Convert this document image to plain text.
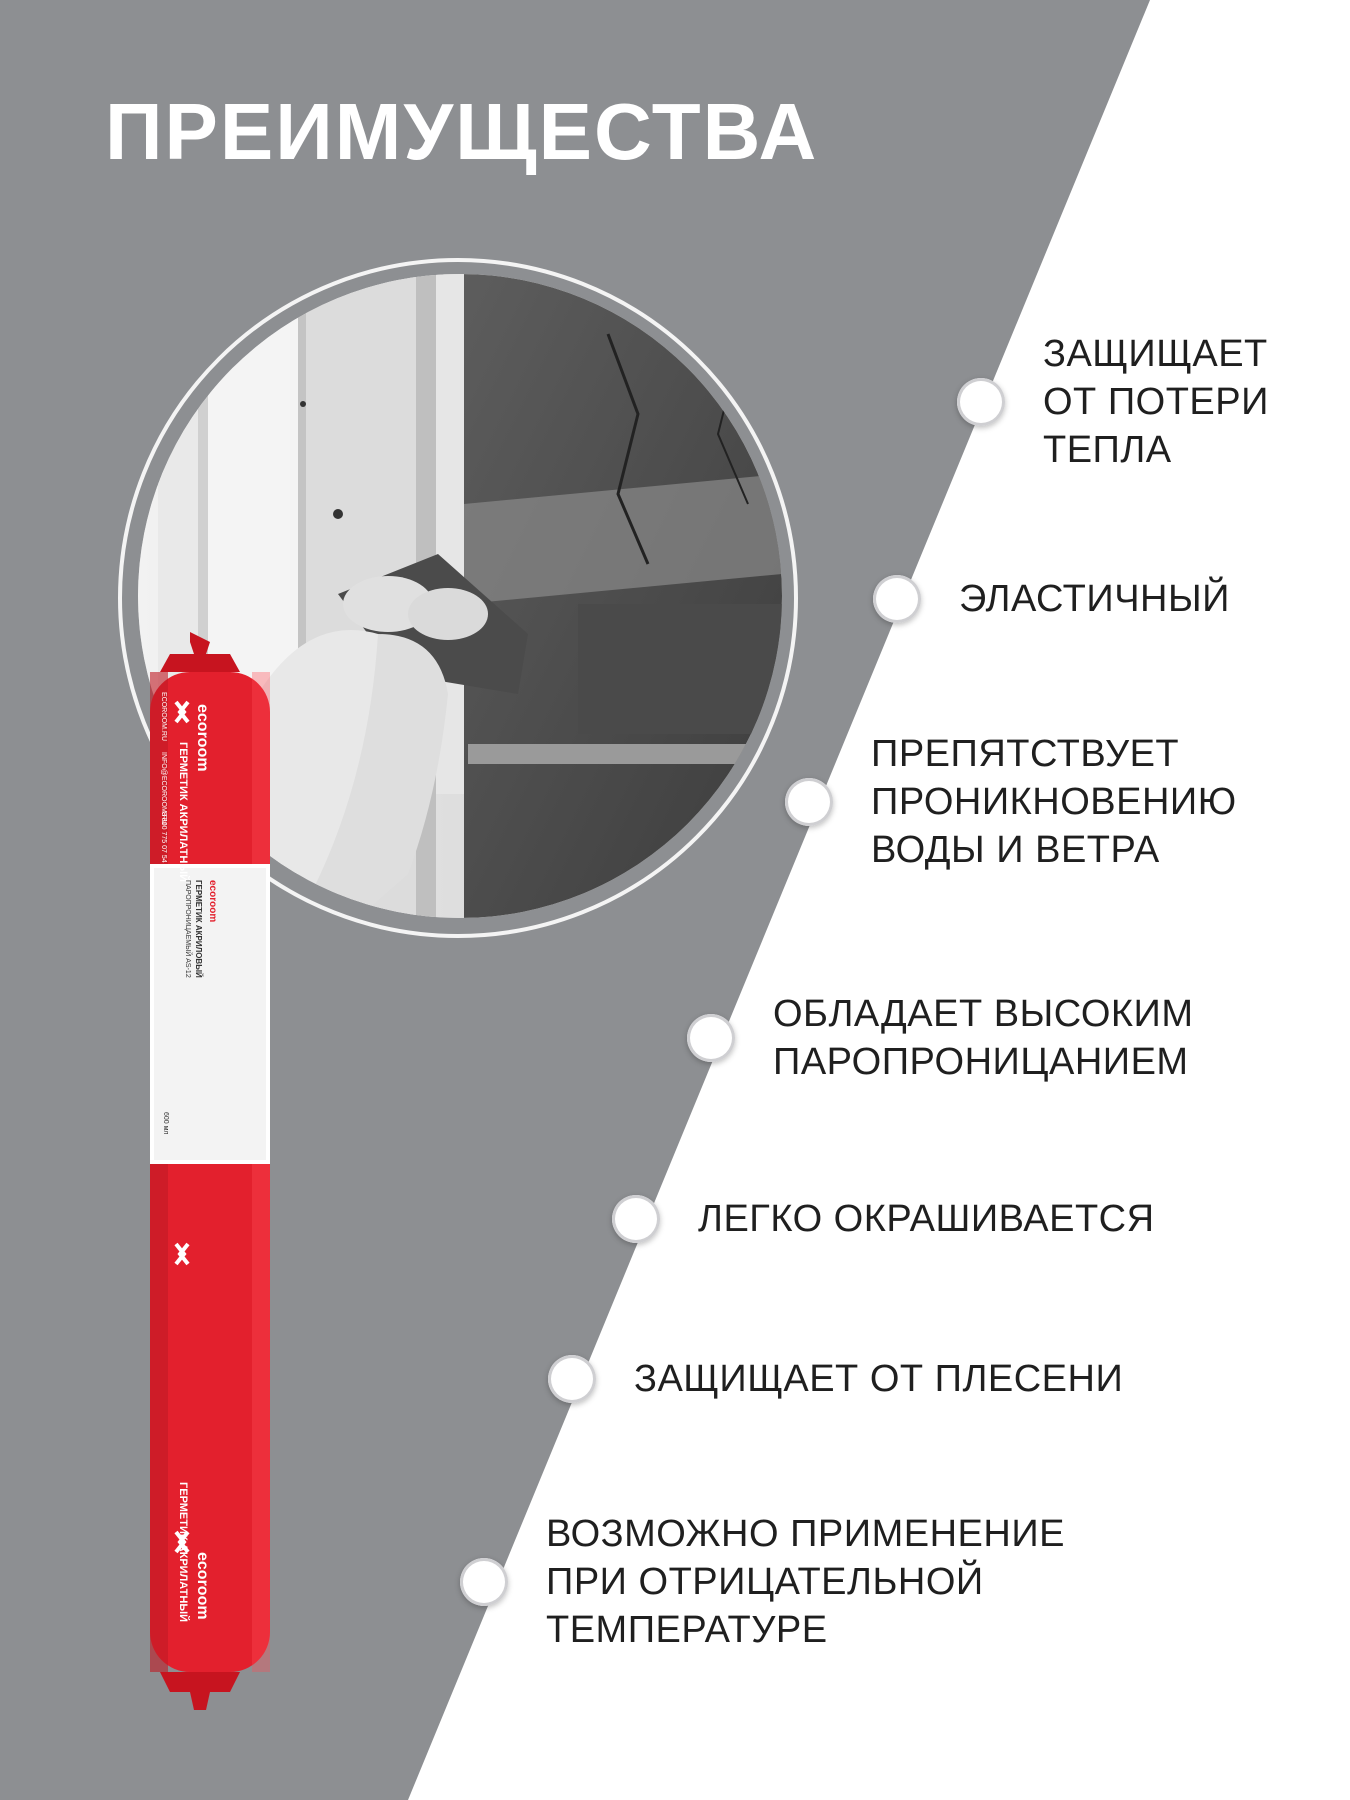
ПРЕИМУЩЕСТВА
ГЕРМЕТИК АКРИЛАТНЫЙ
ecoroom
ECOROOM.RU
INFO@ECOROOM.RU
8 800 775 07 54
ecoroom
ГЕРМЕТИК АКРИЛОВЫЙ
ПАРОПРОНИЦАЕМЫЙ AS-12
600 мл
ГЕРМЕТИК АКРИЛАТНЫЙ ecoroom
ЗАЩИЩАЕТ
ОТ ПОТЕРИ
ТЕПЛА
ЭЛАСТИЧНЫЙ
ПРЕПЯТСТВУЕТ
ПРОНИКНОВЕНИЮ
ВОДЫ И ВЕТРА
ОБЛАДАЕТ ВЫСОКИМ
ПАРОПРОНИЦАНИЕМ
ЛЕГКО ОКРАШИВАЕТСЯ
ЗАЩИЩАЕТ ОТ ПЛЕСЕНИ
ВОЗМОЖНО ПРИМЕНЕНИЕ
ПРИ ОТРИЦАТЕЛЬНОЙ
ТЕМПЕРАТУРЕ
